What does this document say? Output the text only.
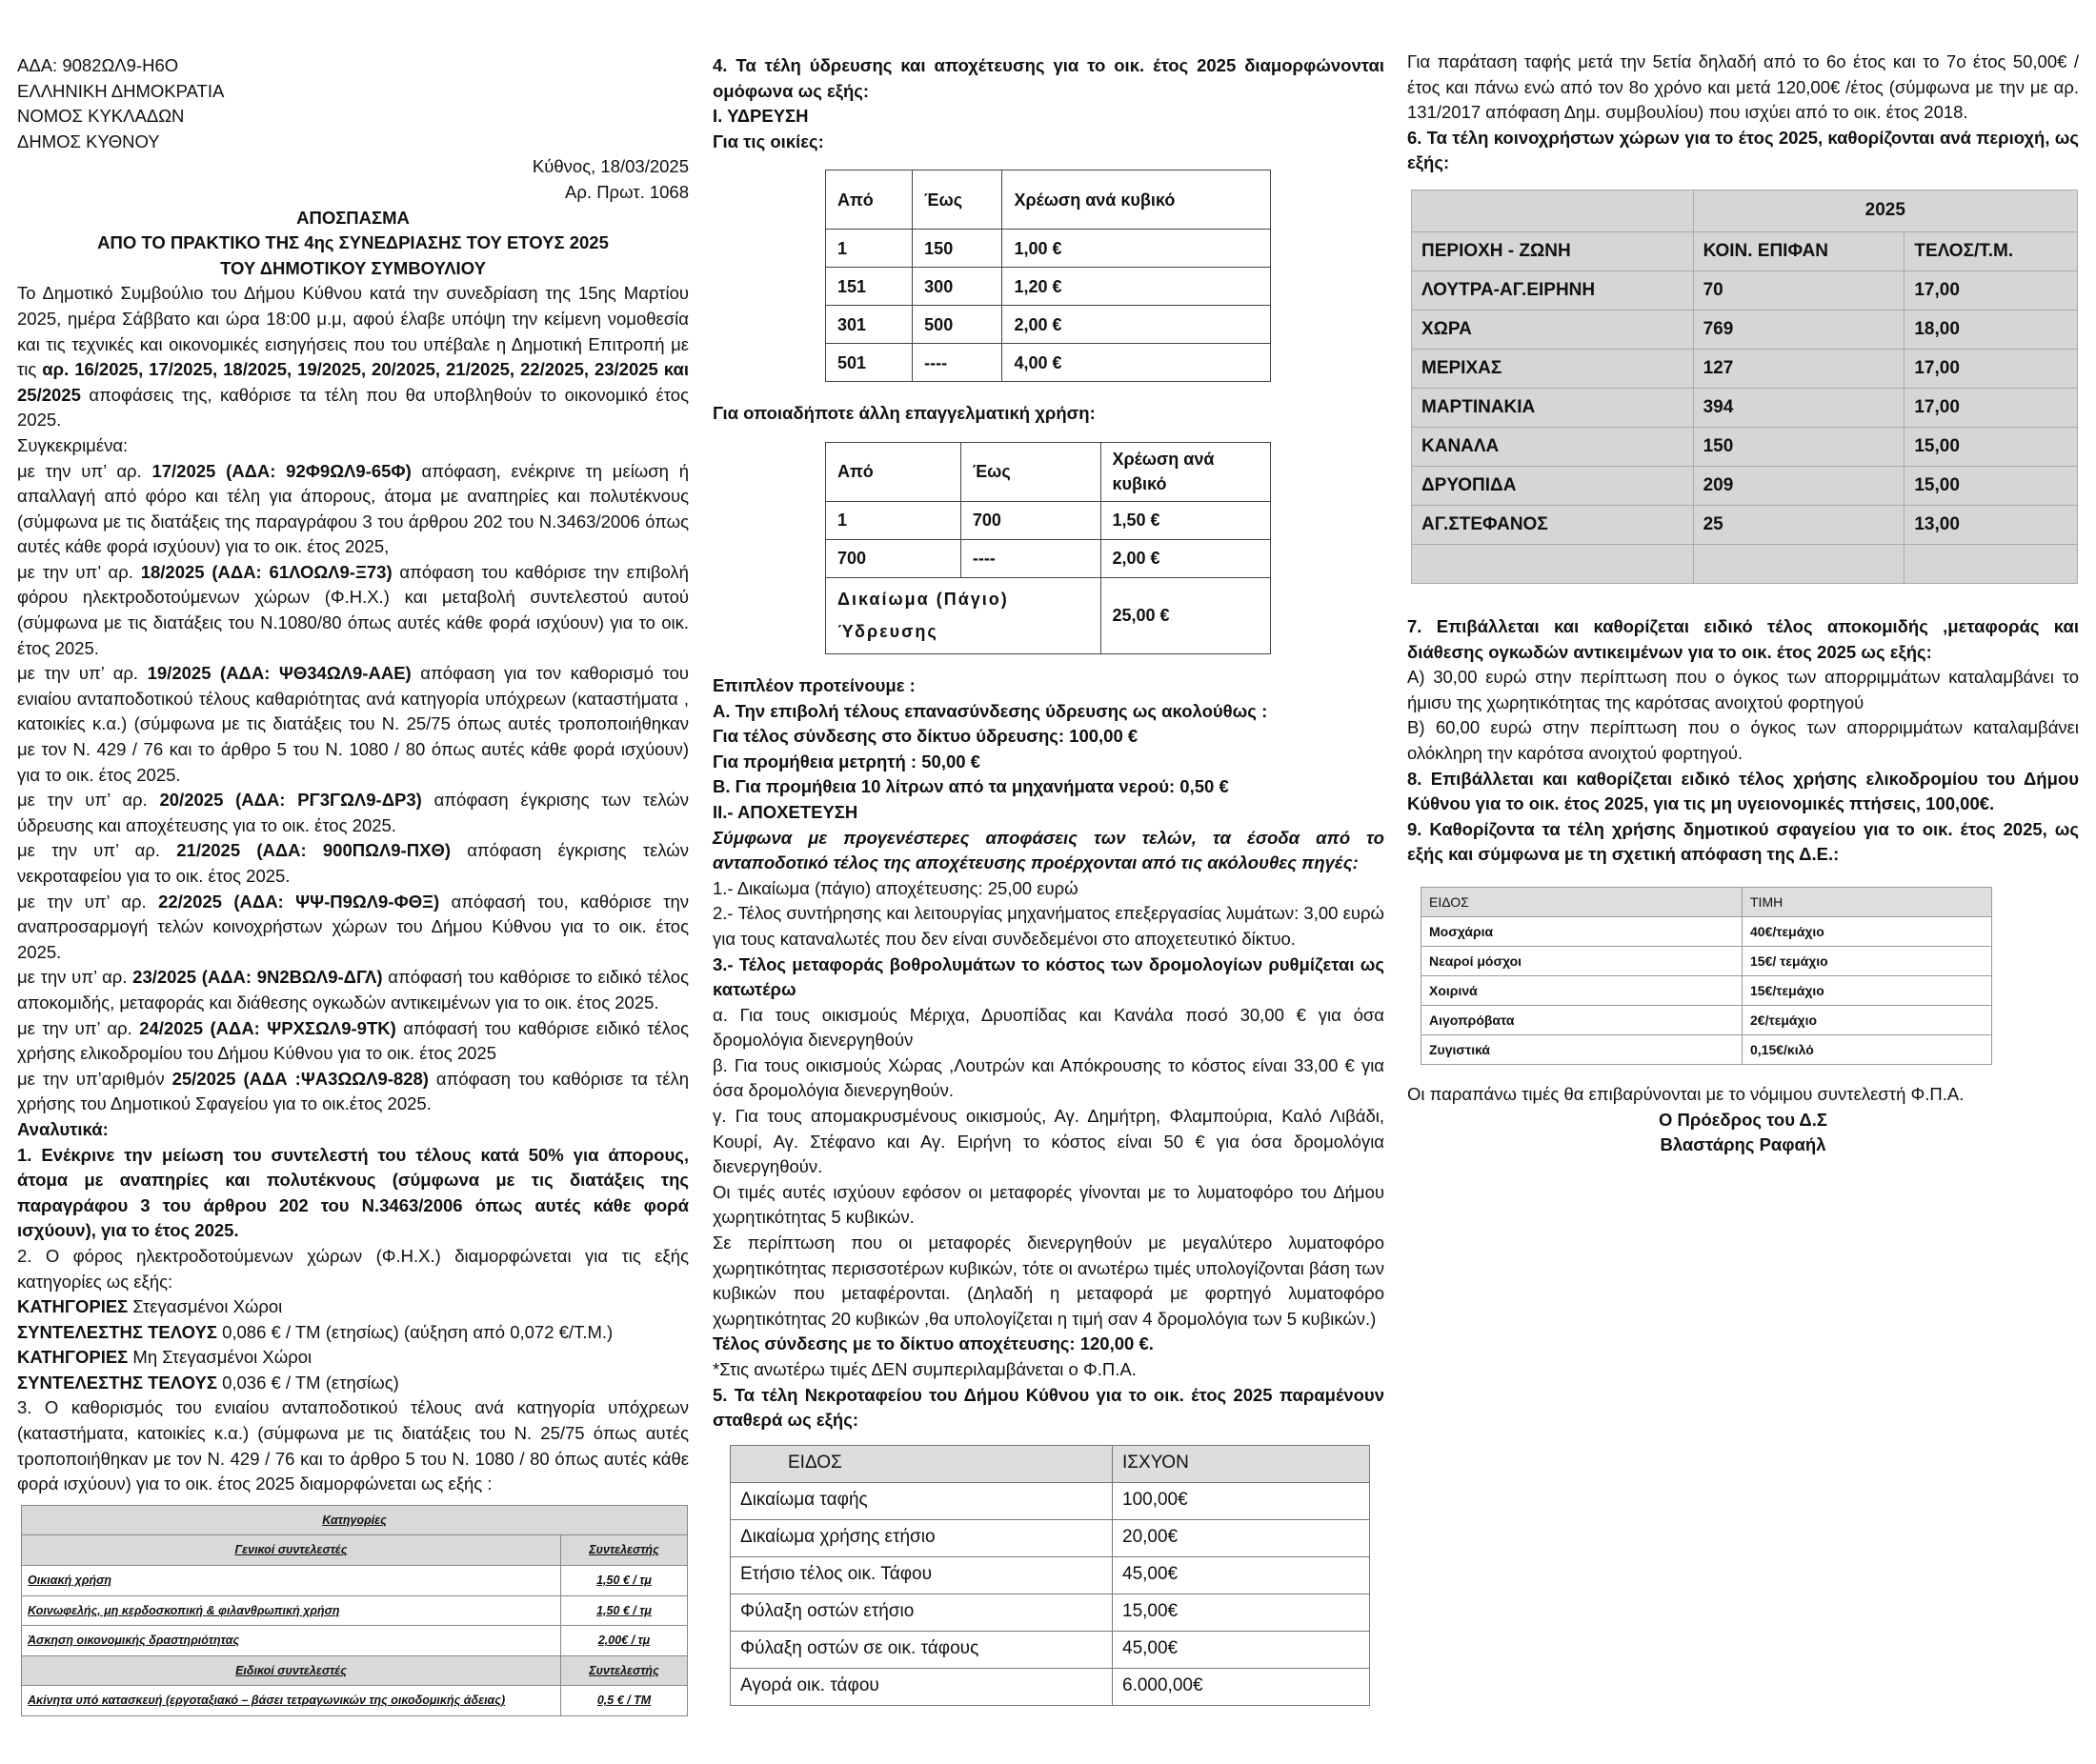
ΑΔΑ: 9082ΩΛ9-Η6Ο

ΕΛΛΗΝΙΚΗ ΔΗΜΟΚΡΑΤΙΑ

ΝΟΜΟΣ ΚΥΚΛΑΔΩΝ

ΔΗΜΟΣ ΚΥΘΝΟΥ

Κύθνος, 18/03/2025

Αρ. Πρωτ. 1068

ΑΠΟΣΠΑΣΜΑ

ΑΠΟ ΤΟ ΠΡΑΚΤΙΚΟ ΤΗΣ 4ης ΣΥΝΕΔΡΙΑΣΗΣ ΤΟΥ ΕΤΟΥΣ 2025

ΤΟΥ ΔΗΜΟΤΙΚΟΥ ΣΥΜΒΟΥΛΙΟΥ

Το Δημοτικό Συμβούλιο του Δήμου Κύθνου κατά την συνεδρίαση της 15ης Μαρτίου 2025, ημέρα Σάββατο και ώρα 18:00 μ.μ, αφού έλαβε υπόψη την κείμενη νομοθεσία και τις τεχνικές και οικονομικές εισηγήσεις που του υπέβαλε η Δημοτική Επιτροπή με τις αρ. 16/2025, 17/2025, 18/2025, 19/2025, 20/2025, 21/2025, 22/2025, 23/2025 και 25/2025 αποφάσεις της, καθόρισε τα τέλη που θα υποβληθούν το οικονομικό έτος 2025.

Συγκεκριμένα:

με την υπ’ αρ. 17/2025 (ΑΔΑ: 92Φ9ΩΛ9-65Φ) απόφαση, ενέκρινε τη μείωση ή απαλλαγή από φόρο και τέλη για άπορους, άτομα με αναπηρίες και πολυτέκνους (σύμφωνα με τις διατάξεις της παραγράφου 3 του άρθρου 202 του Ν.3463/2006 όπως αυτές κάθε φορά ισχύουν) για το οικ. έτος 2025,

με την υπ’ αρ. 18/2025 (ΑΔΑ: 61ΛΟΩΛ9-Ξ73) απόφαση του καθόρισε την επιβολή φόρου ηλεκτροδοτούμενων χώρων (Φ.Η.Χ.) και μεταβολή συντελεστού αυτού (σύμφωνα με τις διατάξεις του Ν.1080/80 όπως αυτές κάθε φορά ισχύουν) για το οικ. έτος 2025.

με την υπ’ αρ. 19/2025 (ΑΔΑ: ΨΘ34ΩΛ9-ΑΑΕ) απόφαση για τον καθορισμό του ενιαίου ανταποδοτικού τέλους καθαριότητας ανά κατηγορία υπόχρεων (καταστήματα , κατοικίες κ.α.) (σύμφωνα με τις διατάξεις του Ν. 25/75 όπως αυτές τροποποιήθηκαν με τον Ν. 429 / 76 και το άρθρο 5 του Ν. 1080 / 80 όπως αυτές κάθε φορά ισχύουν) για το οικ. έτος 2025.

με την υπ’ αρ. 20/2025 (ΑΔΑ: ΡΓ3ΓΩΛ9-ΔΡ3) απόφαση έγκρισης των τελών ύδρευσης και αποχέτευσης για το οικ. έτος 2025.

με την υπ’ αρ. 21/2025 (ΑΔΑ: 900ΠΩΛ9-ΠΧΘ) απόφαση έγκρισης τελών νεκροταφείου για το οικ. έτος 2025.

με την υπ’ αρ. 22/2025 (ΑΔΑ: ΨΨ-Π9ΩΛ9-ΦΘΞ) απόφασή του, καθόρισε την αναπροσαρμογή τελών κοινοχρήστων χώρων του Δήμου Κύθνου για το οικ. έτος 2025.

με την υπ’ αρ. 23/2025 (ΑΔΑ: 9Ν2ΒΩΛ9-ΔΓΛ) απόφασή του καθόρισε το ειδικό τέλος αποκομιδής, μεταφοράς και διάθεσης ογκωδών αντικειμένων για το οικ. έτος 2025.

με την υπ’ αρ. 24/2025 (ΑΔΑ: ΨΡΧΣΩΛ9-9ΤΚ) απόφασή του καθόρισε ειδικό τέλος χρήσης ελικοδρομίου του Δήμου Κύθνου για το οικ. έτος 2025

με την υπ’αριθμόν 25/2025 (ΑΔΑ :ΨΑ3ΩΩΛ9-828) απόφαση του καθόρισε τα τέλη χρήσης του Δημοτικού Σφαγείου για το οικ.έτος 2025.

Αναλυτικά:

1. Ενέκρινε την μείωση του συντελεστή του τέλους κατά 50% για άπορους, άτομα με αναπηρίες και πολυτέκνους (σύμφωνα με τις διατάξεις της παραγράφου 3 του άρθρου 202 του Ν.3463/2006 όπως αυτές κάθε φορά ισχύουν), για το έτος 2025.

2. Ο φόρος ηλεκτροδοτούμενων χώρων (Φ.Η.Χ.) διαμορφώνεται για τις εξής κατηγορίες ως εξής:

ΚΑΤΗΓΟΡΙΕΣ Στεγασμένοι Χώροι

ΣΥΝΤΕΛΕΣΤΗΣ ΤΕΛΟΥΣ 0,086 € / ΤΜ (ετησίως) (αύξηση από 0,072 €/Τ.Μ.)

ΚΑΤΗΓΟΡΙΕΣ Μη Στεγασμένοι Χώροι

ΣΥΝΤΕΛΕΣΤΗΣ ΤΕΛΟΥΣ 0,036 € / ΤΜ (ετησίως)

3. Ο καθορισμός του ενιαίου ανταποδοτικού τέλους ανά κατηγορία υπόχρεων (καταστήματα, κατοικίες κ.α.) (σύμφωνα με τις διατάξεις του Ν. 25/75 όπως αυτές τροποποιήθηκαν με τον Ν. 429 / 76 και το άρθρο 5 του Ν. 1080 / 80 όπως αυτές κάθε φορά ισχύουν) για το οικ. έτος 2025 διαμορφώνεται ως εξής :

Κατηγορίες	
Γενικοί συντελεστές	Συντελεστής
Οικιακή χρήση	1,50 € / τμ
Κοινωφελής, μη κερδοσκοπική & φιλανθρωπική χρήση	1,50 € / τμ
Άσκηση οικονομικής δραστηριότητας	2,00€ / τμ
Ειδικοί συντελεστές	Συντελεστής
Ακίνητα υπό κατασκευή (εργοταξιακό – βάσει τετραγωνικών της οικοδομικής άδειας)	0,5 € / ΤΜ

4. Τα τέλη ύδρευσης και αποχέτευσης για το οικ. έτος 2025 διαμορφώνονται ομόφωνα ως εξής:

Ι. ΥΔΡΕΥΣΗ

Για τις οικίες:

Από	Έως	Χρέωση ανά κυβικό
1	150	1,00 €
151	300	1,20 €
301	500	2,00 €
501	----	4,00 €

Για οποιαδήποτε άλλη επαγγελματική χρήση:

Από	Έως	Χρέωση ανά κυβικό
1	700	1,50 €
700	----	2,00 €
Δικαίωμα (Πάγιο) Ύδρευσης		25,00 €

Επιπλέον προτείνουμε :

Α. Την επιβολή τέλους επανασύνδεσης ύδρευσης ως ακολούθως :

Για τέλος σύνδεσης στο δίκτυο ύδρευσης: 100,00 €

Για προμήθεια μετρητή : 50,00 €

Β. Για προμήθεια 10 λίτρων από τα μηχανήματα νερού: 0,50 €

ΙΙ.- ΑΠΟΧΕΤΕΥΣΗ

Σύμφωνα με προγενέστερες αποφάσεις των τελών, τα έσοδα από το ανταποδοτικό τέλος της αποχέτευσης προέρχονται από τις ακόλουθες πηγές:

1.- Δικαίωμα (πάγιο) αποχέτευσης: 25,00 ευρώ

2.- Τέλος συντήρησης και λειτουργίας μηχανήματος επεξεργασίας λυμάτων: 3,00 ευρώ για τους καταναλωτές που δεν είναι συνδεδεμένοι στο αποχετευτικό δίκτυο.

3.- Τέλος μεταφοράς βοθρολυμάτων το κόστος των δρομολογίων ρυθμίζεται ως κατωτέρω

α. Για τους οικισμούς Μέριχα, Δρυοπίδας και Κανάλα ποσό 30,00 € για όσα δρομολόγια διενεργηθούν

β. Για τους οικισμούς Χώρας ,Λουτρών και Απόκρουσης το κόστος είναι 33,00 € για όσα δρομολόγια διενεργηθούν.

γ. Για τους απομακρυσμένους οικισμούς, Αγ. Δημήτρη, Φλαμπούρια, Καλό Λιβάδι, Κουρί, Αγ. Στέφανο και Αγ. Ειρήνη το κόστος είναι 50 € για όσα δρομολόγια διενεργηθούν.

Οι τιμές αυτές ισχύουν εφόσον οι μεταφορές γίνονται με το λυματοφόρο του Δήμου χωρητικότητας 5 κυβικών.

Σε περίπτωση που οι μεταφορές διενεργηθούν με μεγαλύτερο λυματοφόρο χωρητικότητας περισσοτέρων κυβικών, τότε οι ανωτέρω τιμές υπολογίζονται βάση των κυβικών που μεταφέρονται. (Δηλαδή η μεταφορά με φορτηγό λυματοφόρο χωρητικότητας 20 κυβικών ,θα υπολογίζεται η τιμή σαν 4 δρομολόγια των 5 κυβικών.)

Τέλος σύνδεσης με το δίκτυο αποχέτευσης: 120,00 €.

*Στις ανωτέρω τιμές ΔΕΝ συμπεριλαμβάνεται ο Φ.Π.Α.

5. Τα τέλη Νεκροταφείου του Δήμου Κύθνου για το οικ. έτος 2025 παραμένουν σταθερά ως εξής:

ΕΙΔΟΣ	ΙΣΧΥΟΝ
Δικαίωμα ταφής	100,00€
Δικαίωμα χρήσης ετήσιο	20,00€
Ετήσιο τέλος οικ. Τάφου	45,00€
Φύλαξη οστών ετήσιο	15,00€
Φύλαξη οστών σε οικ. τάφους	45,00€
Αγορά οικ. τάφου	6.000,00€

Για παράταση ταφής μετά την 5ετία δηλαδή από το 6ο έτος και το 7ο έτος 50,00€ / έτος και πάνω ενώ από τον 8ο χρόνο και μετά 120,00€ /έτος (σύμφωνα με την με αρ. 131/2017 απόφαση Δημ. συμβουλίου) που ισχύει από το οικ. έτος 2018.

6. Τα τέλη κοινοχρήστων χώρων για το έτος 2025, καθορίζονται ανά περιοχή, ως εξής:

	2025	
ΠΕΡΙΟΧΗ - ΖΩΝΗ	ΚΟΙΝ. ΕΠΙΦΑΝ	ΤΕΛΟΣ/Τ.Μ.
ΛΟΥΤΡΑ-ΑΓ.ΕΙΡΗΝΗ	70	17,00
ΧΩΡΑ	769	18,00
ΜΕΡΙΧΑΣ	127	17,00
ΜΑΡΤΙΝΑΚΙΑ	394	17,00
ΚΑΝΑΛΑ	150	15,00
ΔΡΥΟΠΙΔΑ	209	15,00
ΑΓ.ΣΤΕΦΑΝΟΣ	25	13,00

7. Επιβάλλεται και καθορίζεται ειδικό τέλος αποκομιδής ,μεταφοράς και διάθεσης ογκωδών αντικειμένων για το οικ. έτος 2025 ως εξής:

Α) 30,00 ευρώ στην περίπτωση που ο όγκος των απορριμμάτων καταλαμβάνει το ήμισυ της χωρητικότητας της καρότσας ανοιχτού φορτηγού

Β) 60,00 ευρώ στην περίπτωση που ο όγκος των απορριμμάτων καταλαμβάνει ολόκληρη την καρότσα ανοιχτού φορτηγού.

8. Επιβάλλεται και καθορίζεται ειδικό τέλος χρήσης ελικοδρομίου του Δήμου Κύθνου για το οικ. έτος 2025, για τις μη υγειονομικές πτήσεις, 100,00€.

9. Καθορίζοντα τα τέλη χρήσης δημοτικού σφαγείου για το οικ. έτος 2025, ως εξής και σύμφωνα με τη σχετική απόφαση της Δ.Ε.:

ΕΙΔΟΣ	ΤΙΜΗ
Μοσχάρια	40€/τεμάχιο
Νεαροί μόσχοι	15€/ τεμάχιο
Χοιρινά	15€/τεμάχιο
Αιγοπρόβατα	2€/τεμάχιο
Ζυγιστικά	0,15€/κιλό

Οι παραπάνω τιμές θα επιβαρύνονται με το νόμιμου συντελεστή Φ.Π.Α.

Ο Πρόεδρος του Δ.Σ

Βλαστάρης Ραφαήλ
